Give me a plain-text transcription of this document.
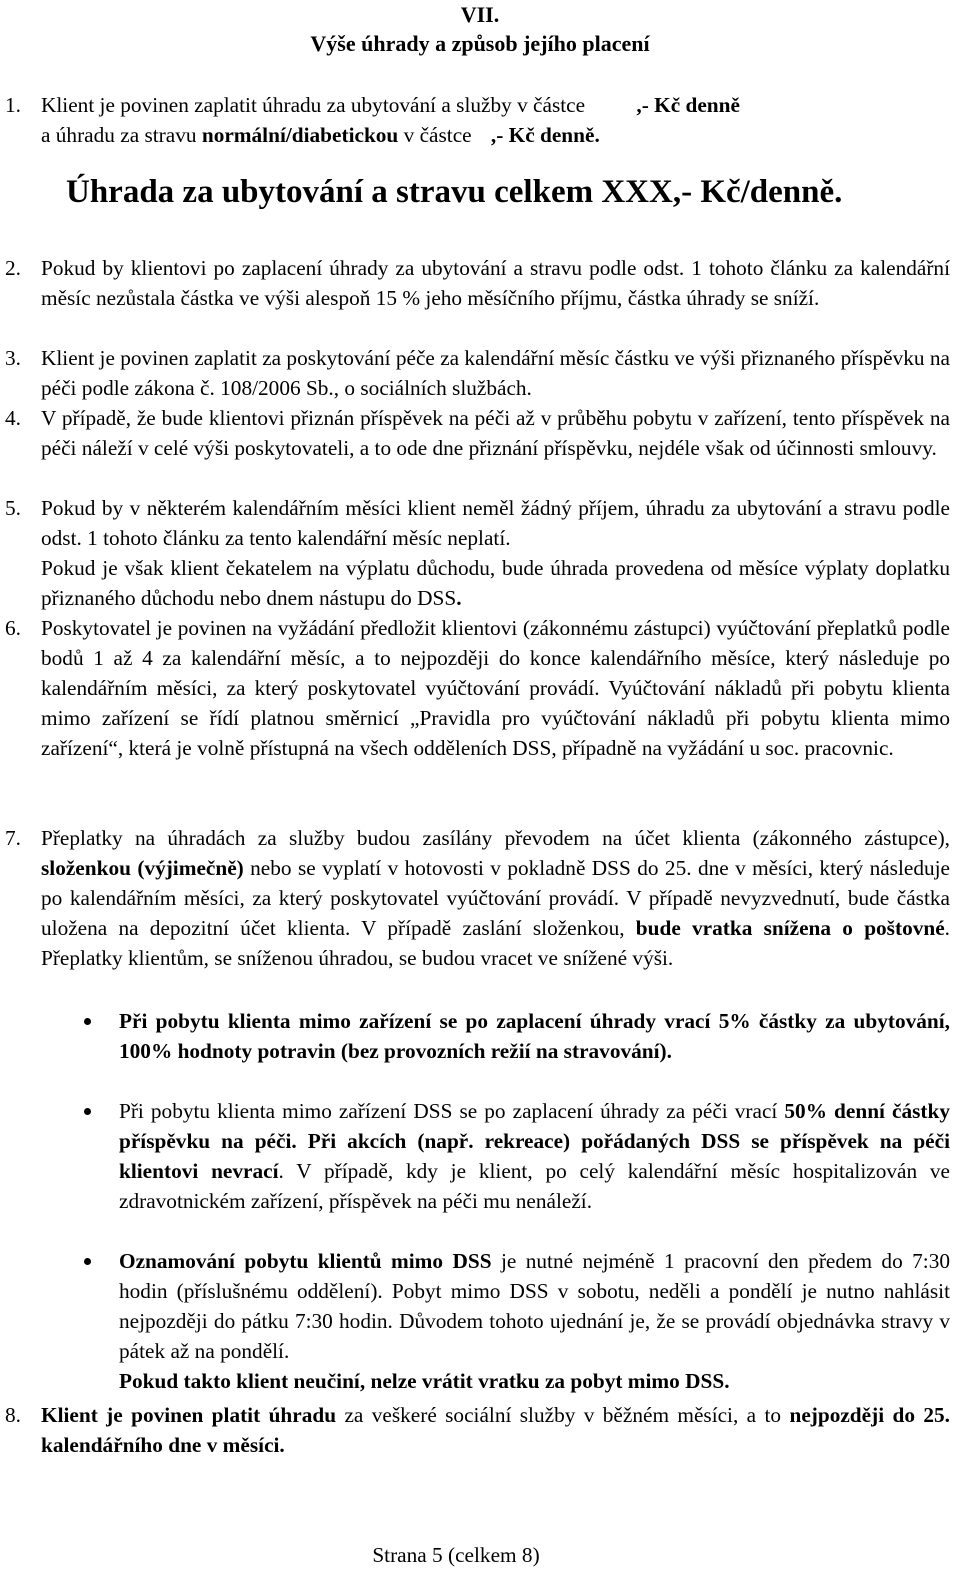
VII.
Výše úhrady a způsob jejího placení
1. Klient je povinen zaplatit úhradu za ubytování a služby v částce ,- Kč denně
a úhradu za stravu normální/diabetickou v částce ,- Kč denně.
Úhrada za ubytování a stravu celkem XXX,- Kč/denně.
2. Pokud by klientovi po zaplacení úhrady za ubytování a stravu podle odst. 1 tohoto článku za kalendářní měsíc nezůstala částka ve výši alespoň 15 % jeho měsíčního příjmu, částka úhrady se sníží.
3. Klient je povinen zaplatit za poskytování péče za kalendářní měsíc částku ve výši přiznaného příspěvku na péči podle zákona č. 108/2006 Sb., o sociálních službách.
4. V případě, že bude klientovi přiznán příspěvek na péči až v průběhu pobytu v zařízení, tento příspěvek na péči náleží v celé výši poskytovateli, a to ode dne přiznání příspěvku, nejdéle však od účinnosti smlouvy.
5. Pokud by v některém kalendářním měsíci klient neměl žádný příjem, úhradu za ubytování a stravu podle odst. 1 tohoto článku za tento kalendářní měsíc neplatí.
Pokud je však klient čekatelem na výplatu důchodu, bude úhrada provedena od měsíce výplaty doplatku přiznaného důchodu nebo dnem nástupu do DSS.
6. Poskytovatel je povinen na vyžádání předložit klientovi (zákonnému zástupci) vyúčtování přeplatků podle bodů 1 až 4 za kalendářní měsíc, a to nejpozději do konce kalendářního měsíce, který následuje po kalendářním měsíci, za který poskytovatel vyúčtování provádí. Vyúčtování nákladů při pobytu klienta mimo zařízení se řídí platnou směrnicí „Pravidla pro vyúčtování nákladů při pobytu klienta mimo zařízení“, která je volně přístupná na všech odděleních DSS, případně na vyžádání u soc. pracovnic.
7. Přeplatky na úhradách za služby budou zasílány převodem na účet klienta (zákonného zástupce), složenkou (výjimečně) nebo se vyplatí v hotovosti v pokladně DSS do 25. dne v měsíci, který následuje po kalendářním měsíci, za který poskytovatel vyúčtování provádí. V případě nevyzvednutí, bude částka uložena na depozitní účet klienta. V případě zaslání složenkou, bude vratka snížena o poštovné. Přeplatky klientům, se sníženou úhradou, se budou vracet ve snížené výši.
Při pobytu klienta mimo zařízení se po zaplacení úhrady vrací 5% částky za ubytování, 100% hodnoty potravin (bez provozních režií na stravování).
Při pobytu klienta mimo zařízení DSS se po zaplacení úhrady za péči vrací 50% denní částky příspěvku na péči. Při akcích (např. rekreace) pořádaných DSS se příspěvek na péči klientovi nevrací. V případě, kdy je klient, po celý kalendářní měsíc hospitalizován ve zdravotnickém zařízení, příspěvek na péči mu nenáleží.
Oznamování pobytu klientů mimo DSS je nutné nejméně 1 pracovní den předem do 7:30 hodin (příslušnému oddělení). Pobyt mimo DSS v sobotu, neděli a pondělí je nutno nahlásit nejpozději do pátku 7:30 hodin. Důvodem tohoto ujednání je, že se provádí objednávka stravy v pátek až na pondělí.
Pokud takto klient neučiní, nelze vrátit vratku za pobyt mimo DSS.
8. Klient je povinen platit úhradu za veškeré sociální služby v běžném měsíci, a to nejpozději do 25. kalendářního dne v měsíci.
Strana 5 (celkem 8)
